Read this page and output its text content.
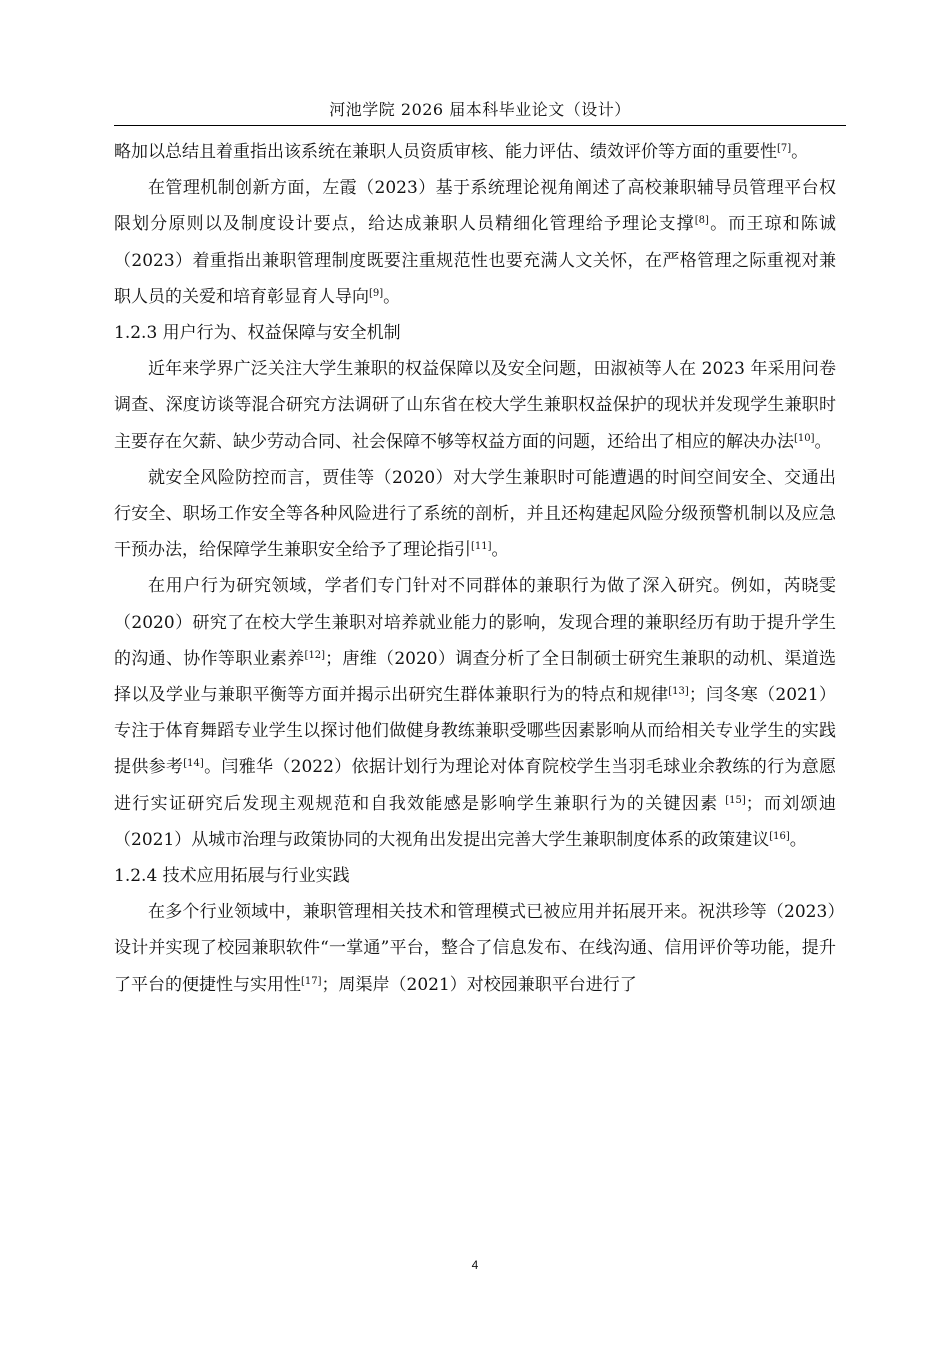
河池学院 2026 届本科毕业论文（设计）

略加以总结且着重指出该系统在兼职人员资质审核、能力评估、绩效评价等方面的重要性[7]。

在管理机制创新方面，左霞（2023）基于系统理论视角阐述了高校兼职辅导员管理平台权限划分原则以及制度设计要点，给达成兼职人员精细化管理给予理论支撑[8]。而王琼和陈诚（2023）着重指出兼职管理制度既要注重规范性也要充满人文关怀，在严格管理之际重视对兼职人员的关爱和培育彰显育人导向[9]。

1.2.3 用户行为、权益保障与安全机制

近年来学界广泛关注大学生兼职的权益保障以及安全问题，田淑祯等人在 2023 年采用问卷调查、深度访谈等混合研究方法调研了山东省在校大学生兼职权益保护的现状并发现学生兼职时主要存在欠薪、缺少劳动合同、社会保障不够等权益方面的问题，还给出了相应的解决办法[10]。

就安全风险防控而言，贾佳等（2020）对大学生兼职时可能遭遇的时间空间安全、交通出行安全、职场工作安全等各种风险进行了系统的剖析，并且还构建起风险分级预警机制以及应急干预办法，给保障学生兼职安全给予了理论指引[11]。

在用户行为研究领域，学者们专门针对不同群体的兼职行为做了深入研究。例如，芮晓雯（2020）研究了在校大学生兼职对培养就业能力的影响，发现合理的兼职经历有助于提升学生的沟通、协作等职业素养[12]；唐维（2020）调查分析了全日制硕士研究生兼职的动机、渠道选择以及学业与兼职平衡等方面并揭示出研究生群体兼职行为的特点和规律[13]；闫冬寒（2021）专注于体育舞蹈专业学生以探讨他们做健身教练兼职受哪些因素影响从而给相关专业学生的实践提供参考[14]。闫雅华（2022）依据计划行为理论对体育院校学生当羽毛球业余教练的行为意愿进行实证研究后发现主观规范和自我效能感是影响学生兼职行为的关键因素 [15]；而刘颂迪（2021）从城市治理与政策协同的大视角出发提出完善大学生兼职制度体系的政策建议[16]。

1.2.4 技术应用拓展与行业实践

在多个行业领域中，兼职管理相关技术和管理模式已被应用并拓展开来。祝洪珍等（2023）设计并实现了校园兼职软件“一掌通”平台，整合了信息发布、在线沟通、信用评价等功能，提升了平台的便捷性与实用性[17]；周渠岸（2021）对校园兼职平台进行了

4
